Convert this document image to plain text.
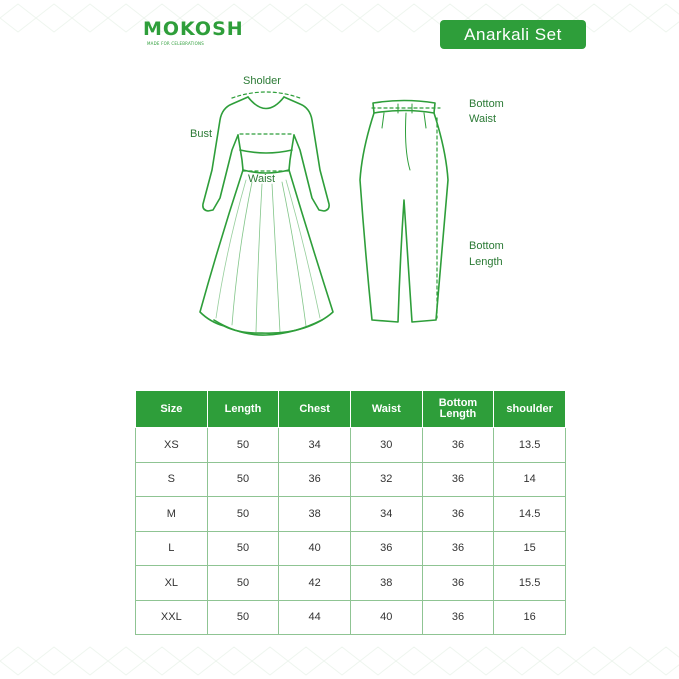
MOKOSH
MADE FOR CELEBRATIONS	Anarkali Set
Sholder
Bust
Waist
Bottom
Waist
Bottom
Length
Size	Length	Chest	Waist	Bottom Length	shoulder
XS	50	34	30	36	13.5
S	50	36	32	36	14
M	50	38	34	36	14.5
L	50	40	36	36	15
XL	50	42	38	36	15.5
XXL	50	44	40	36	16
